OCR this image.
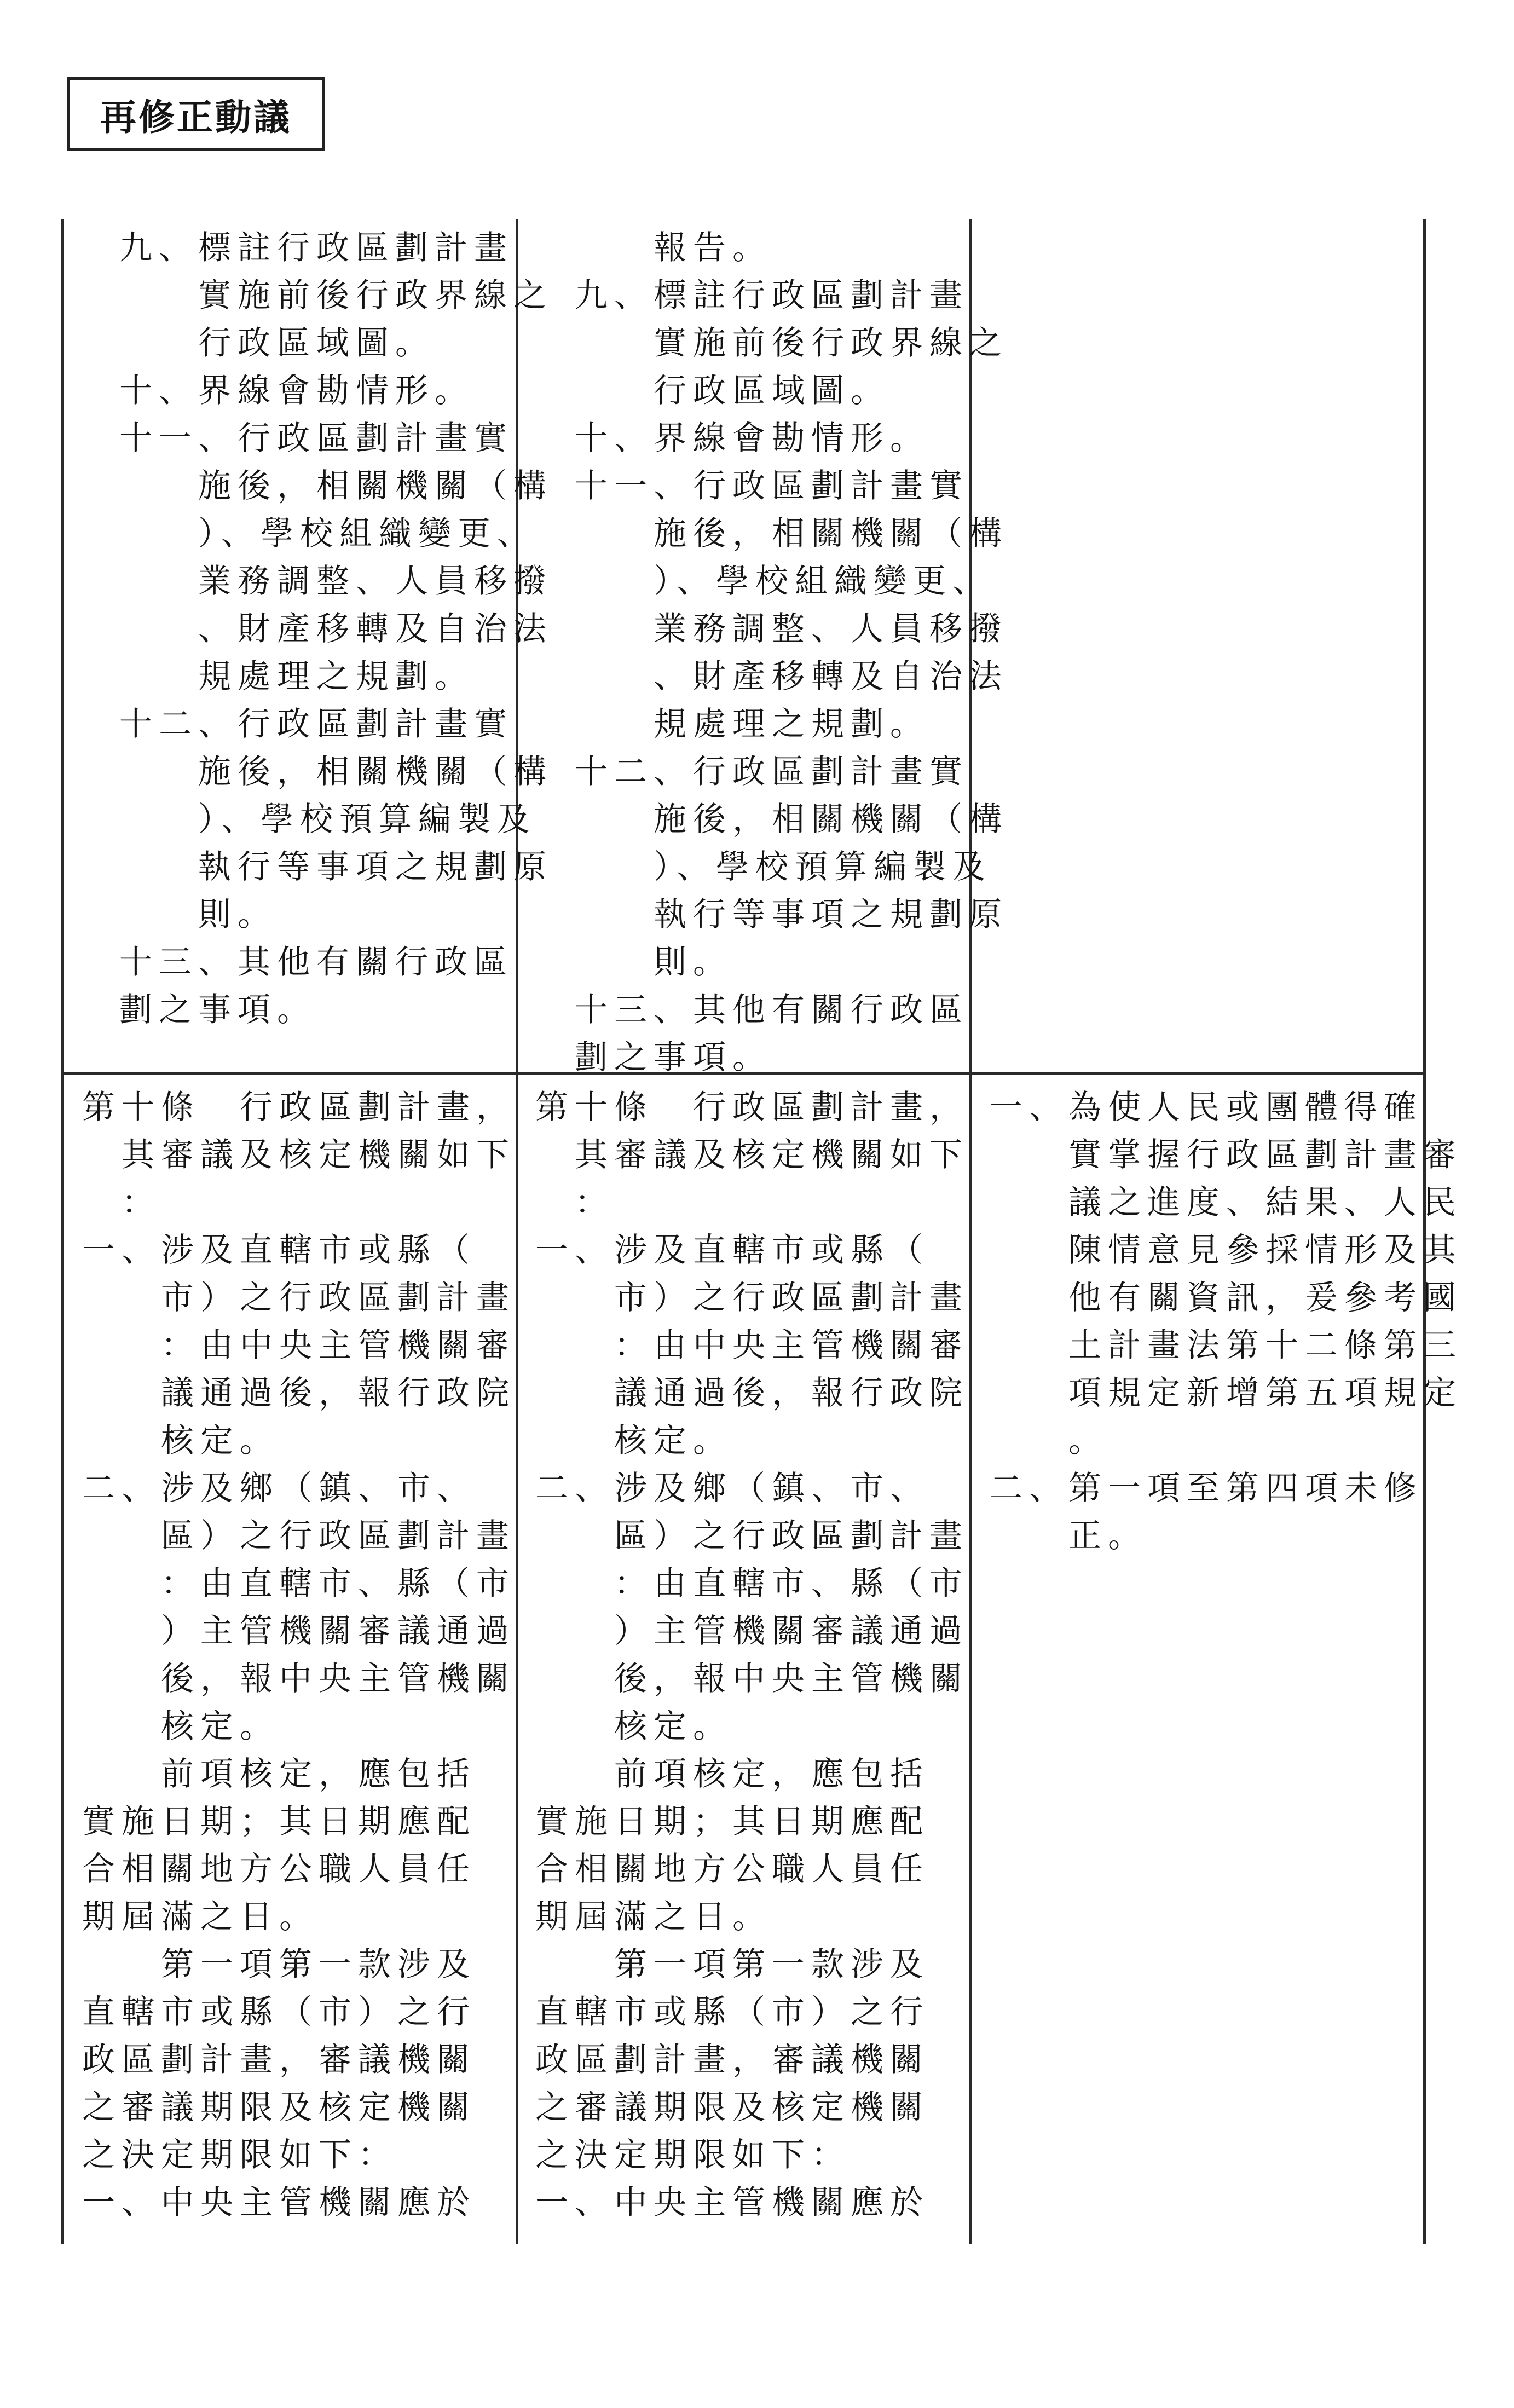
再修正動議
九、標註行政區劃計畫
　　實施前後行政界線之
　　行政區域圖。
十、界線會勘情形。
十一、行政區劃計畫實
　　施後，相關機關（構
　　）、學校組織變更、
　　業務調整、人員移撥
　　、財產移轉及自治法
　　規處理之規劃。
十二、行政區劃計畫實
　　施後，相關機關（構
　　）、學校預算編製及
　　執行等事項之規劃原
　　則。
十三、其他有關行政區
劃之事項。
　　報告。
九、標註行政區劃計畫
　　實施前後行政界線之
　　行政區域圖。
十、界線會勘情形。
十一、行政區劃計畫實
　　施後，相關機關（構
　　）、學校組織變更、
　　業務調整、人員移撥
　　、財產移轉及自治法
　　規處理之規劃。
十二、行政區劃計畫實
　　施後，相關機關（構
　　）、學校預算編製及
　　執行等事項之規劃原
　　則。
十三、其他有關行政區
劃之事項。
第十條　行政區劃計畫，
　其審議及核定機關如下
　：
一、涉及直轄市或縣（
　　市）之行政區劃計畫
　　：由中央主管機關審
　　議通過後，報行政院
　　核定。
二、涉及鄉（鎮、市、
　　區）之行政區劃計畫
　　：由直轄市、縣（市
　　）主管機關審議通過
　　後，報中央主管機關
　　核定。
　　前項核定，應包括
實施日期；其日期應配
合相關地方公職人員任
期屆滿之日。
　　第一項第一款涉及
直轄市或縣（市）之行
政區劃計畫，審議機關
之審議期限及核定機關
之決定期限如下：
一、中央主管機關應於
第十條　行政區劃計畫，
　其審議及核定機關如下
　：
一、涉及直轄市或縣（
　　市）之行政區劃計畫
　　：由中央主管機關審
　　議通過後，報行政院
　　核定。
二、涉及鄉（鎮、市、
　　區）之行政區劃計畫
　　：由直轄市、縣（市
　　）主管機關審議通過
　　後，報中央主管機關
　　核定。
　　前項核定，應包括
實施日期；其日期應配
合相關地方公職人員任
期屆滿之日。
　　第一項第一款涉及
直轄市或縣（市）之行
政區劃計畫，審議機關
之審議期限及核定機關
之決定期限如下：
一、中央主管機關應於
一、為使人民或團體得確
　　實掌握行政區劃計畫審
　　議之進度、結果、人民
　　陳情意見參採情形及其
　　他有關資訊，爰參考國
　　土計畫法第十二條第三
　　項規定新增第五項規定
　　。
二、第一項至第四項未修
　　正。
